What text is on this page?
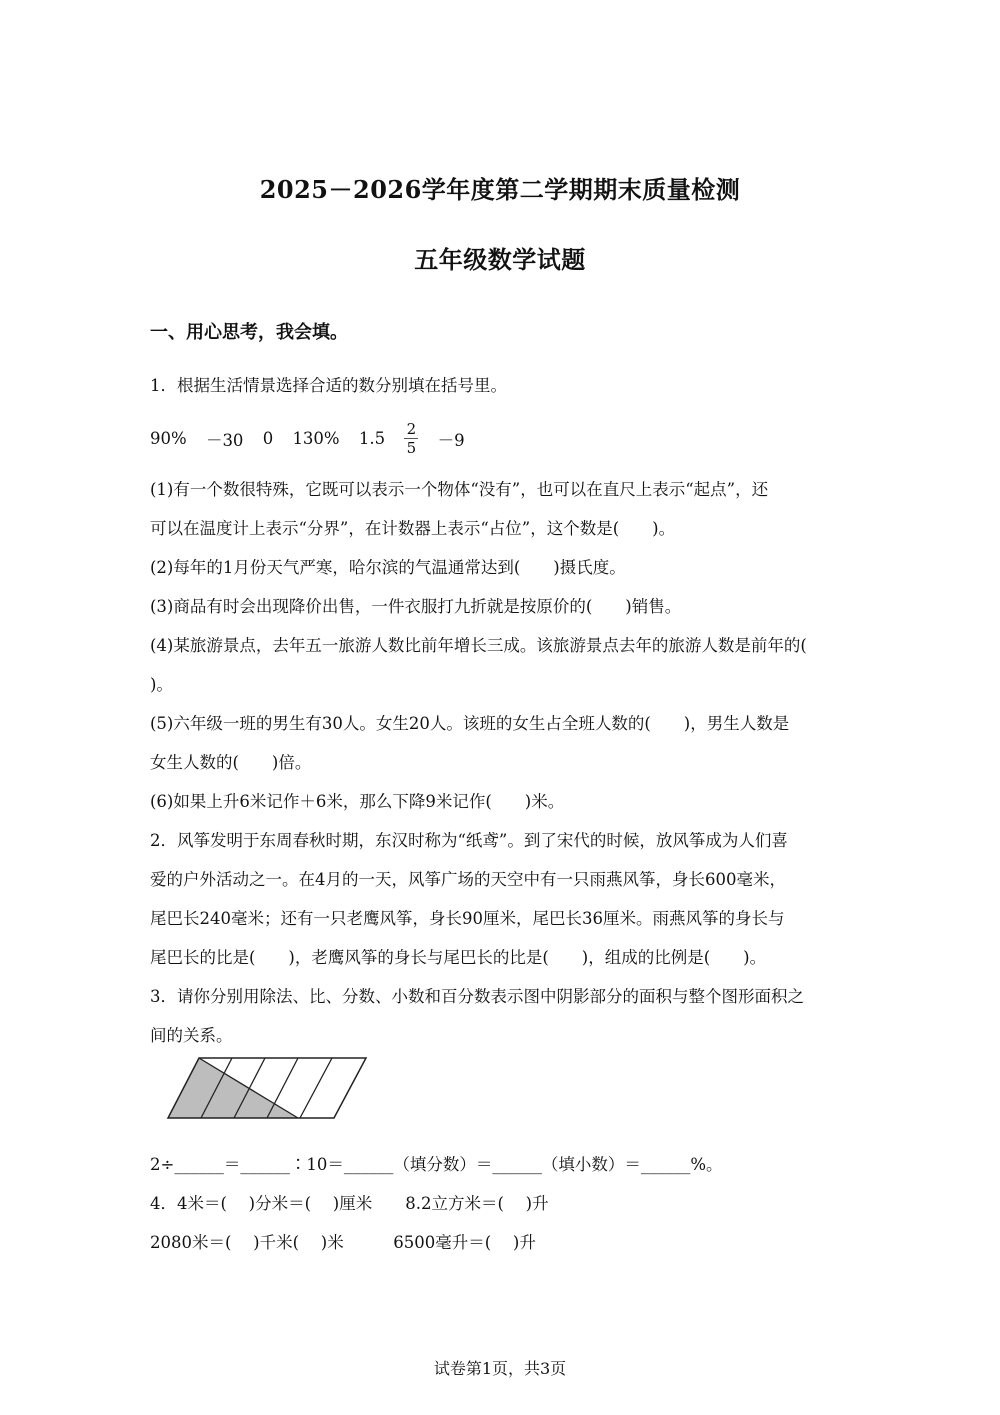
2025－2026学年度第二学期期末质量检测
五年级数学试题
一、用心思考，我会填。
1．根据生活情景选择合适的数分别填在括号里。
90% －30 0 130% $1.5 \frac{2}{5} -9$
(1)有一个数很特殊，它既可以表示一个物体“没有”，也可以在直尺上表示“起点”，还
可以在温度计上表示“分界”，在计数器上表示“占位”，这个数是(　　)。
(2)每年的1月份天气严寒，哈尔滨的气温通常达到(　　)摄氏度。
(3)商品有时会出现降价出售，一件衣服打九折就是按原价的(　　)销售。
(4)某旅游景点，去年五一旅游人数比前年增长三成。该旅游景点去年的旅游人数是前年的(
)。
(5)六年级一班的男生有30人。女生20人。该班的女生占全班人数的(　　)，男生人数是
女生人数的(　　)倍。
(6)如果上升6米记作＋6米，那么下降9米记作(　　)米。
2．风筝发明于东周春秋时期，东汉时称为“纸鸢”。到了宋代的时候，放风筝成为人们喜
爱的户外活动之一。在4月的一天，风筝广场的天空中有一只雨燕风筝，身长600毫米，
尾巴长240毫米；还有一只老鹰风筝，身长90厘米，尾巴长36厘米。雨燕风筝的身长与
尾巴长的比是(　　)，老鹰风筝的身长与尾巴长的比是(　　)，组成的比例是(　　)。
3．请你分别用除法、比、分数、小数和百分数表示图中阴影部分的面积与整个图形面积之
间的关系。
2÷______＝______∶10＝______（填分数）＝______（填小数）＝______%。
4．4米＝(　 )分米＝(　 )厘米　　8.2立方米＝(　 )升
2080米＝(　 )千米(　 )米　　　6500毫升＝(　 )升
试卷第1页，共3页
